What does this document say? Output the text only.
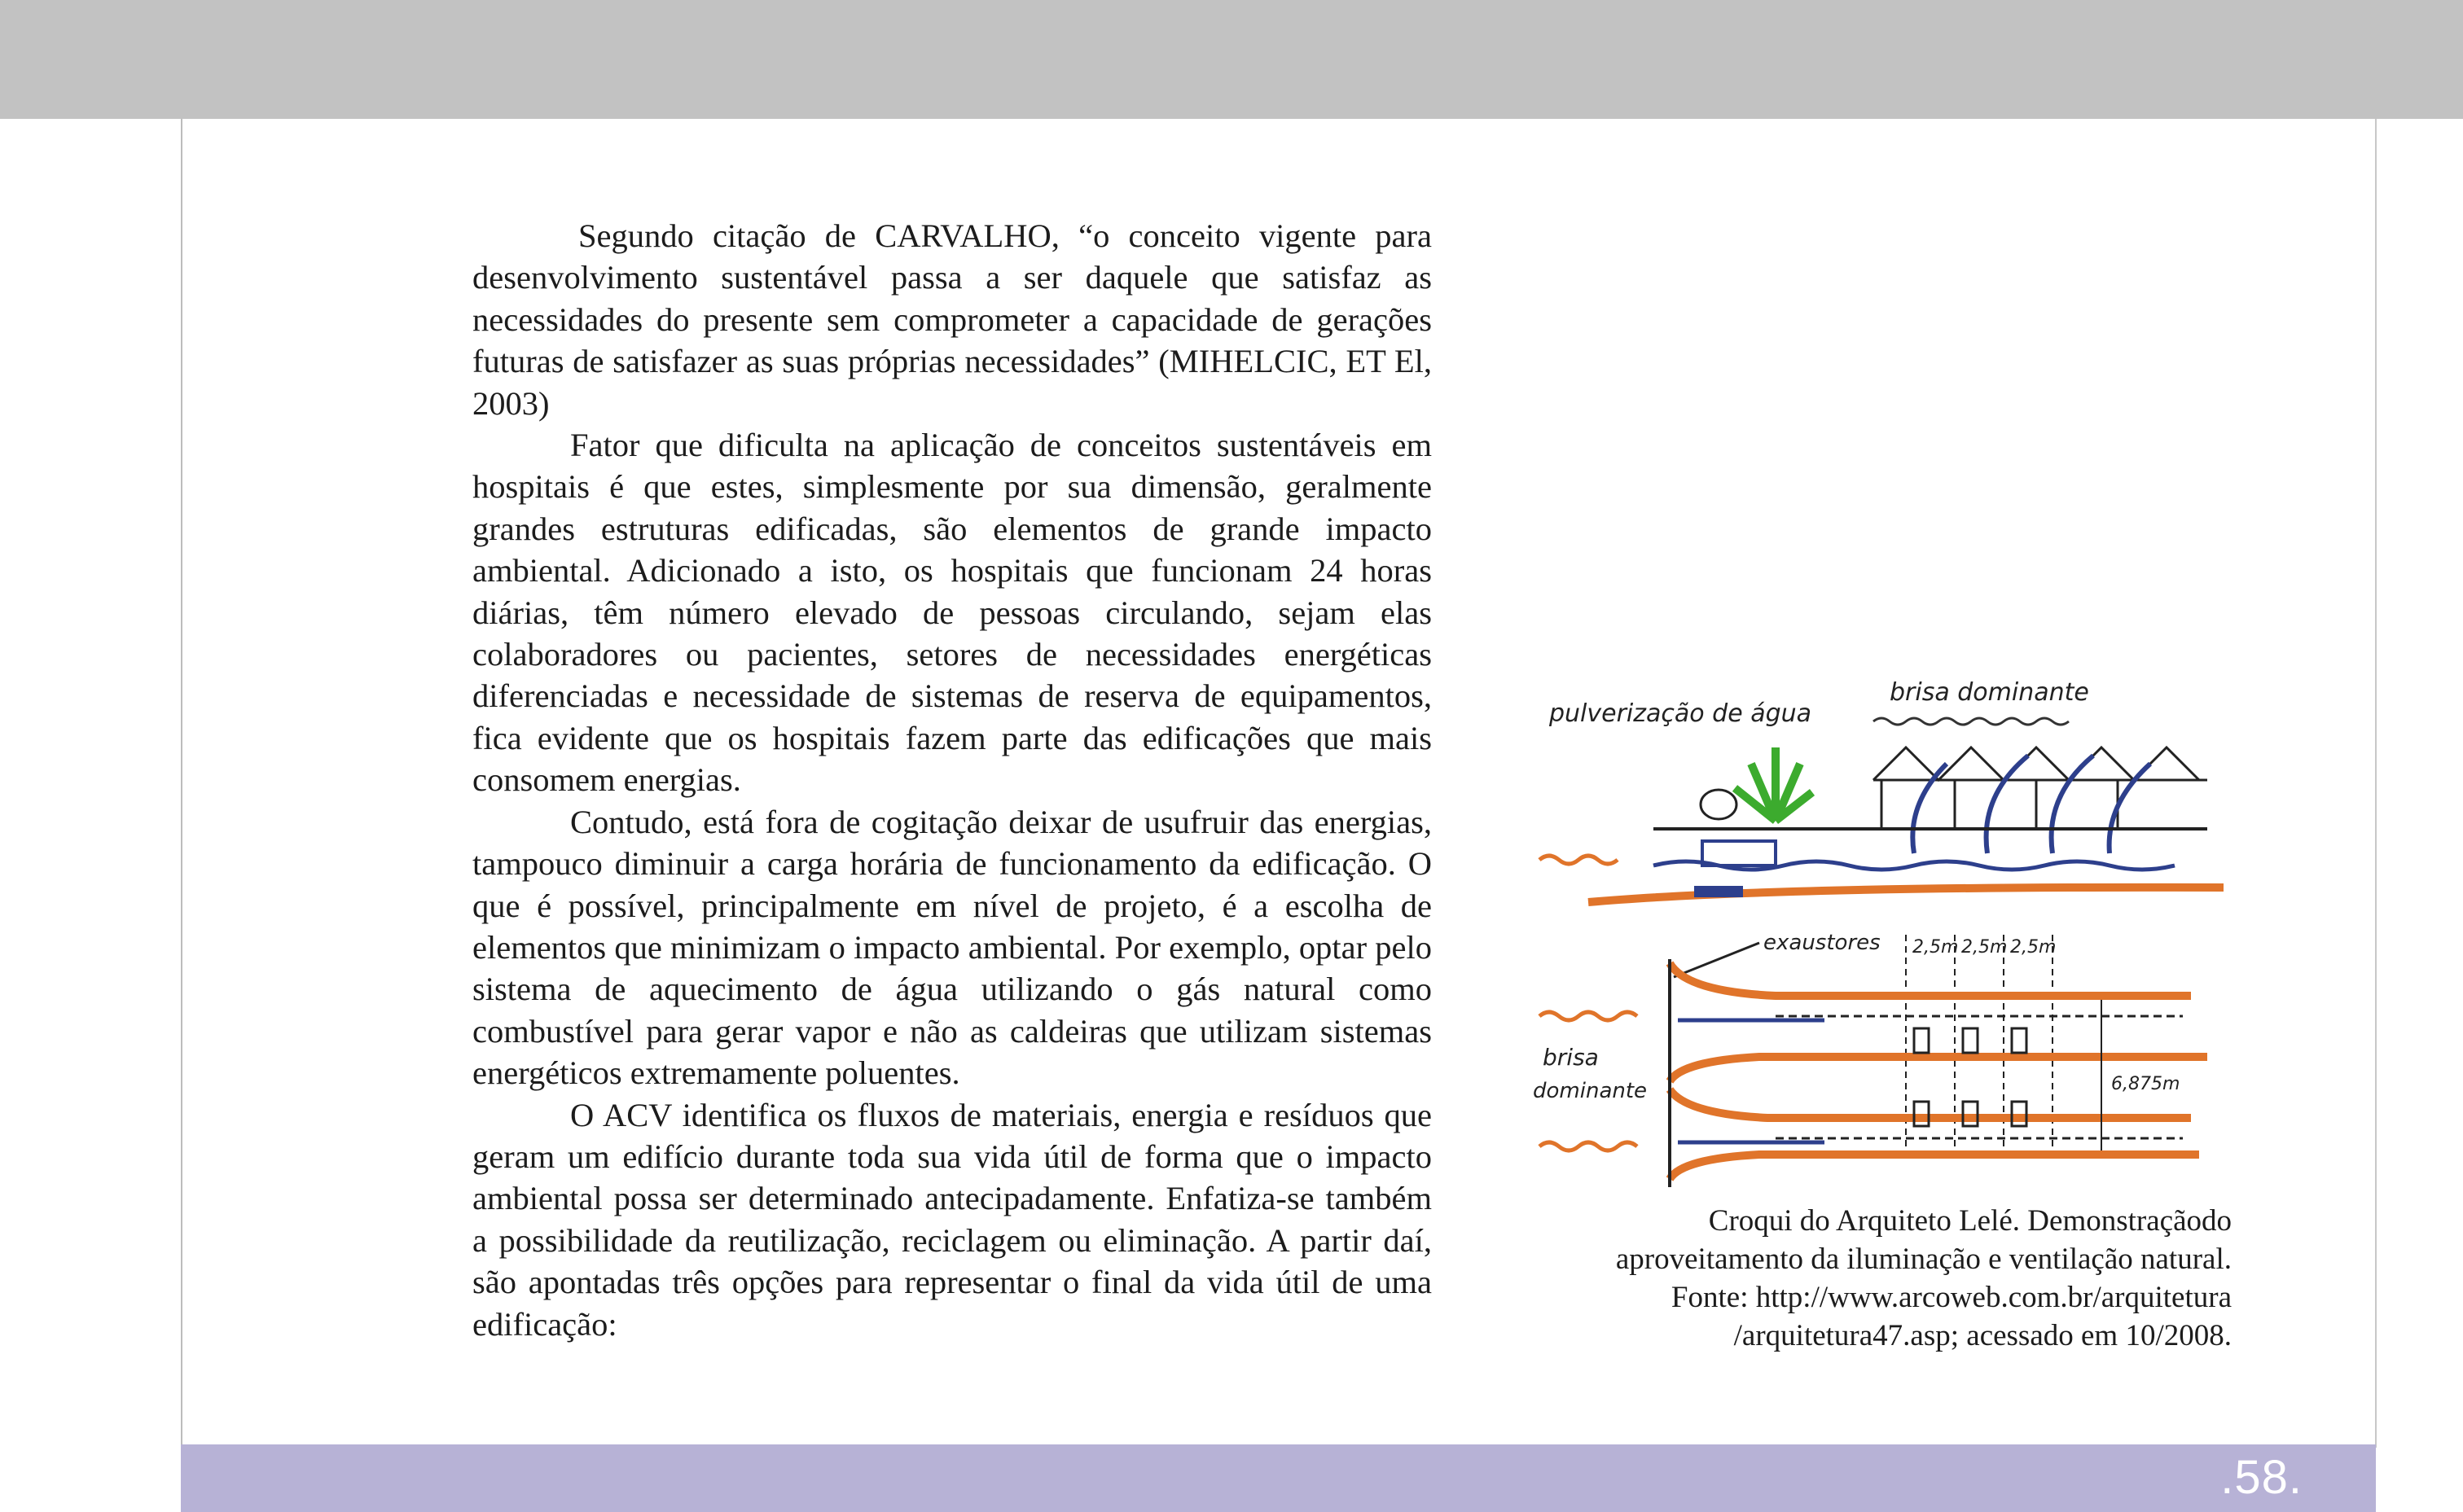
Segundo citação de CARVALHO, “o conceito vigente para desenvolvimento sustentável passa a ser daquele que satisfaz as necessidades do presente sem comprometer a capacidade de gerações futuras de satisfazer as suas próprias necessidades” (MIHELCIC, ET El, 2003)

Fator que dificulta na aplicação de conceitos sustentáveis em hospitais é que estes, simplesmente por sua dimensão, geralmente grandes estruturas edificadas, são elementos de grande impacto ambiental. Adicionado a isto, os hospitais que funcionam 24 horas diárias, têm número elevado de pessoas circulando, sejam elas colaboradores ou pacientes, setores de necessidades energéticas diferenciadas e necessidade de sistemas de reserva de equipamentos, fica evidente que os hospitais fazem parte das edificações que mais consomem energias.

Contudo, está fora de cogitação deixar de usufruir das energias, tampouco diminuir a carga horária de funcionamento da edificação. O que é possível, principalmente em nível de projeto, é a escolha de elementos que minimizam o impacto ambiental. Por exemplo, optar pelo sistema de aquecimento de água utilizando o gás natural como combustível para gerar vapor e não as caldeiras que utilizam sistemas energéticos extremamente poluentes.

O ACV identifica os fluxos de materiais, energia e resíduos que geram um edifício durante toda sua vida útil de forma que o impacto ambiental possa ser determinado antecipadamente. Enfatiza-se também a possibilidade da reutilização, reciclagem ou eliminação. A partir daí, são apontadas três opções para representar o final da vida útil de uma edificação:

pulverização de água
brisa dominante
exaustores 2,5m 2,5m 2,5m
6,875m
brisa
dominante
Croqui do Arquiteto Lelé. Demonstraçãodo
aproveitamento da iluminação e ventilação natural.
Fonte: http://www.arcoweb.com.br/arquitetura
/arquitetura47.asp; acessado em 10/2008.
.58.
